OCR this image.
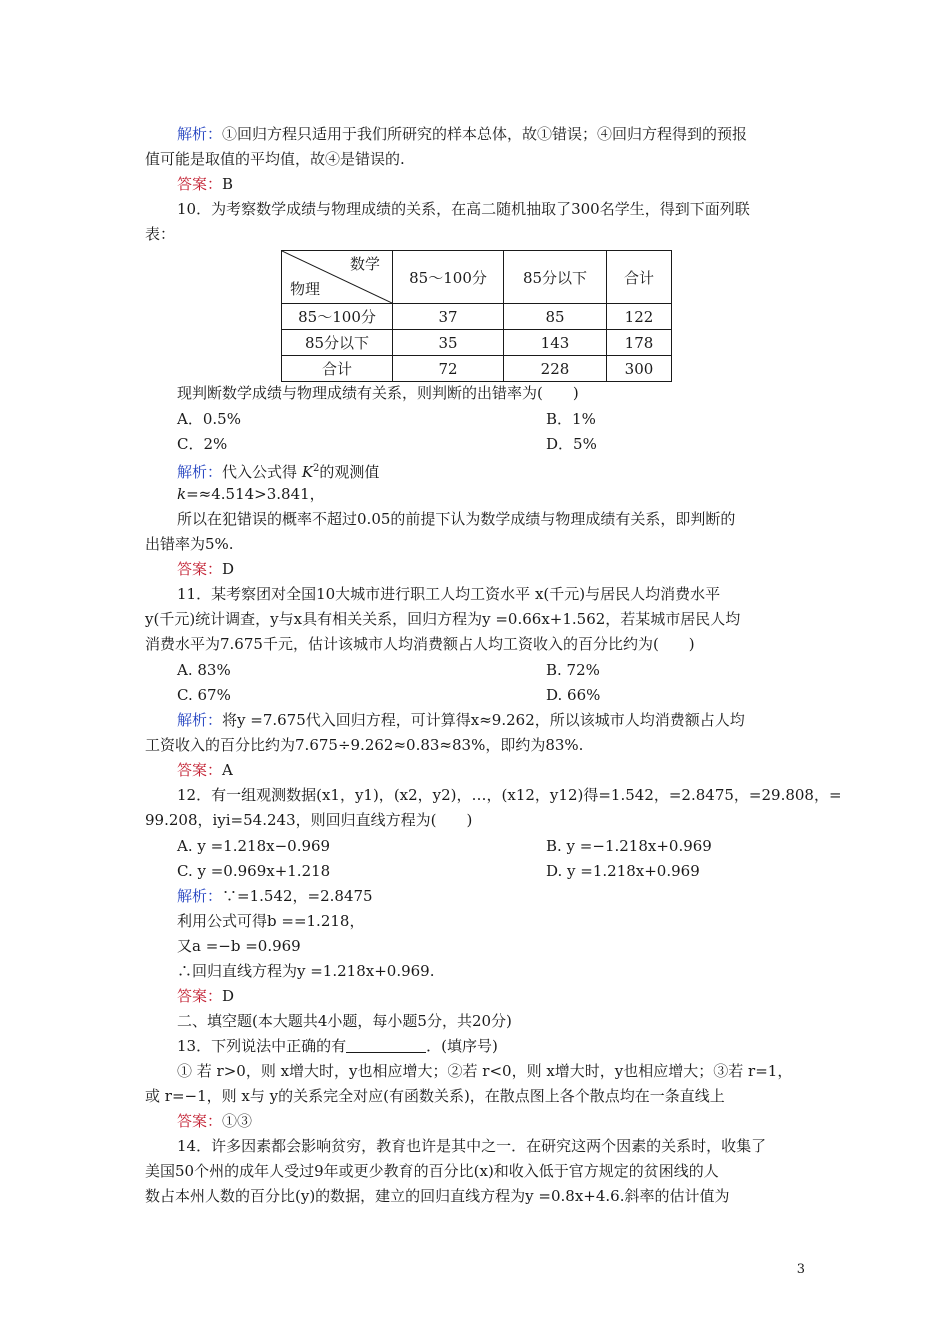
解析：①回归方程只适用于我们所研究的样本总体，故①错误；④回归方程得到的预报
值可能是取值的平均值，故④是错误的.
答案：B
10．为考察数学成绩与物理成绩的关系，在高二随机抽取了300名学生，得到下面列联
表：
数学
物理	85～100分	85分以下	合计
85～100分	37	85	122
85分以下	35	143	178
合计	72	228	300
现判断数学成绩与物理成绩有关系，则判断的出错率为(　　)
A．0.5%	B．1%
C．2%	D．5%
解析：代入公式得 $K^2$的观测值
k=≈4.514>3.841，
所以在犯错误的概率不超过0.05的前提下认为数学成绩与物理成绩有关系，即判断的
出错率为5%.
答案：D
11．某考察团对全国10大城市进行职工人均工资水平 x(千元)与居民人均消费水平
y(千元)统计调查，y与x具有相关关系，回归方程为y =0.66x+1.562，若某城市居民人均
消费水平为7.675千元，估计该城市人均消费额占人均工资收入的百分比约为(　　)
A. 83%	B. 72%
C. 67%	D. 66%
解析：将y =7.675代入回归方程，可计算得x≈9.262，所以该城市人均消费额占人均
工资收入的百分比约为7.675÷9.262≈0.83≈83%，即约为83%.
答案：A
12．有一组观测数据(x1，y1)，(x2，y2)，…，(x12，y12)得=1.542，=2.8475，=29.808，=
99.208，iyi=54.243，则回归直线方程为(　　)
A. y =1.218x−0.969	B. y =−1.218x+0.969
C. y =0.969x+1.218	D. y =1.218x+0.969
解析：∵=1.542，=2.8475
利用公式可得b ==1.218，
又a =−b =0.969
∴回归直线方程为y =1.218x+0.969.
答案：D
二、填空题(本大题共4小题，每小题5分，共20分)
13．下列说法中正确的有	．(填序号)
① 若 r>0，则 x增大时，y也相应增大；②若 r<0，则 x增大时，y也相应增大；③若 r=1，
或 r=−1，则 x与 y的关系完全对应(有函数关系)，在散点图上各个散点均在一条直线上
答案：①③
14．许多因素都会影响贫穷，教育也许是其中之一．在研究这两个因素的关系时，收集了
美国50个州的成年人受过9年或更少教育的百分比(x)和收入低于官方规定的贫困线的人
数占本州人数的百分比(y)的数据，建立的回归直线方程为y =0.8x+4.6.斜率的估计值为
3
